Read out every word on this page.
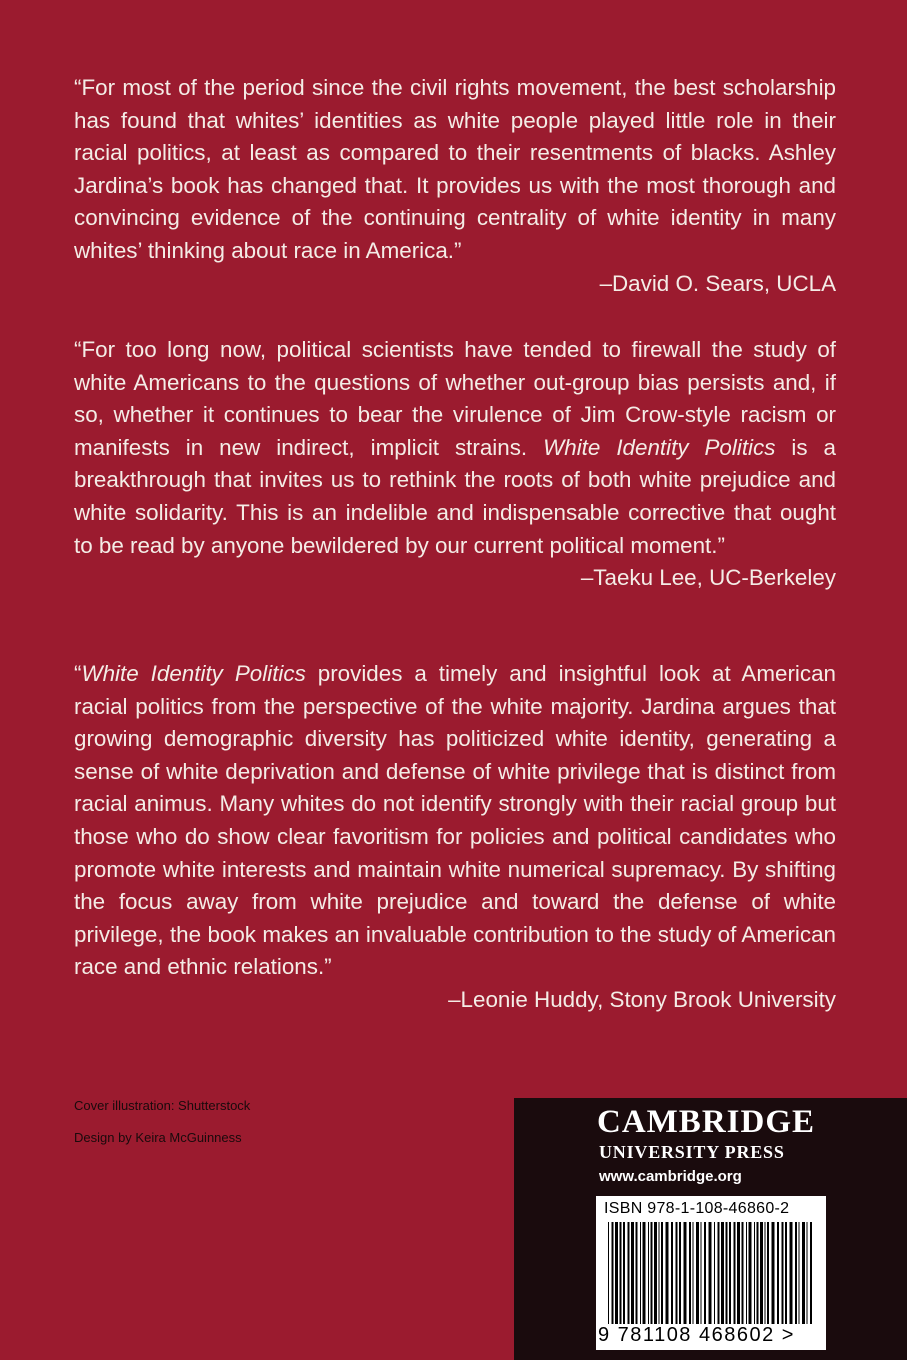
“For most of the period since the civil rights movement, the best scholarship has found that whites’ identities as white people played little role in their racial politics, at least as compared to their resentments of blacks. Ashley Jardina’s book has changed that. It provides us with the most thorough and convincing evidence of the continuing centrality of white identity in many whites’ thinking about race in America.”

–David O. Sears, UCLA

“For too long now, political scientists have tended to firewall the study of white Americans to the questions of whether out-group bias persists and, if so, whether it continues to bear the virulence of Jim Crow-style racism or manifests in new indirect, implicit strains. White Identity Politics is a breakthrough that invites us to rethink the roots of both white prejudice and white solidarity. This is an indelible and indispensable corrective that ought to be read by anyone bewildered by our current political moment.”

–Taeku Lee, UC-Berkeley

“White Identity Politics provides a timely and insightful look at American racial politics from the perspective of the white majority. Jardina argues that growing demographic diversity has politicized white identity, generating a sense of white deprivation and defense of white privilege that is distinct from racial animus. Many whites do not identify strongly with their racial group but those who do show clear favoritism for policies and political candidates who promote white interests and maintain white numerical supremacy. By shifting the focus away from white prejudice and toward the defense of white privilege, the book makes an invaluable contribution to the study of American race and ethnic relations.”

–Leonie Huddy, Stony Brook University

Cover illustration: Shutterstock
Design by Keira McGuinness	CAMBRIDGE
UNIVERSITY PRESS
www.cambridge.org
ISBN 978-1-108-46860-2
9 781108 468602 >
